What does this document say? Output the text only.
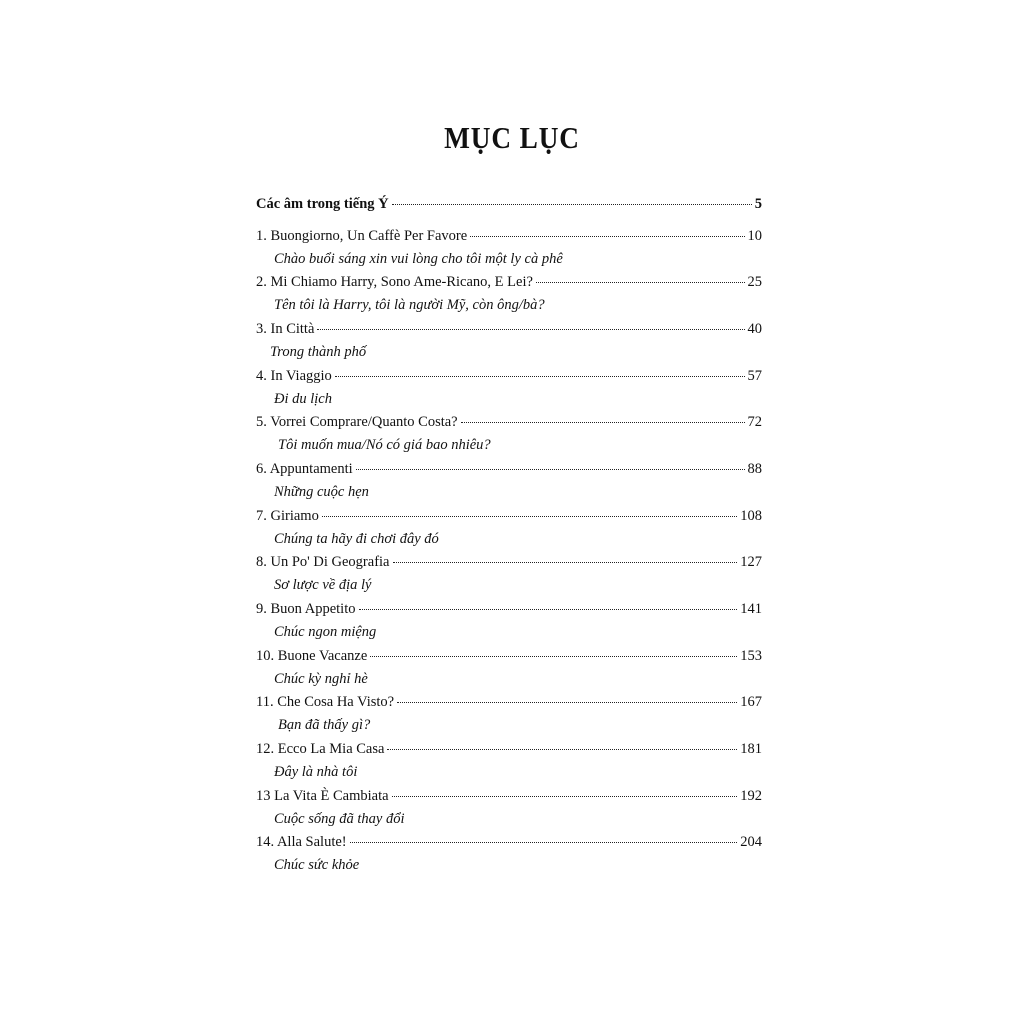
MỤC LỤC
Các âm trong tiếng Ý	5
1. Buongiorno, Un Caffè Per Favore	10
Chào buổi sáng xin vui lòng cho tôi một ly cà phê
2. Mi Chiamo Harry, Sono Ame-Ricano, E Lei?	25
Tên tôi là Harry, tôi là người Mỹ, còn ông/bà?
3. In Città	40
Trong thành phố
4. In Viaggio	57
Đi du lịch
5. Vorrei Comprare/Quanto Costa?	72
Tôi muốn mua/Nó có giá bao nhiêu?
6. Appuntamenti	88
Những cuộc hẹn
7. Giriamo	108
Chúng ta hãy đi chơi đây đó
8. Un Po' Di Geografia	127
Sơ lược về địa lý
9. Buon Appetito	141
Chúc ngon miệng
10. Buone Vacanze	153
Chúc kỳ nghỉ hè
11. Che Cosa Ha Visto?	167
Bạn đã thấy gì?
12. Ecco La Mia Casa	181
Đây là nhà tôi
13 La Vita È Cambiata	192
Cuộc sống đã thay đổi
14. Alla Salute!	204
Chúc sức khỏe
